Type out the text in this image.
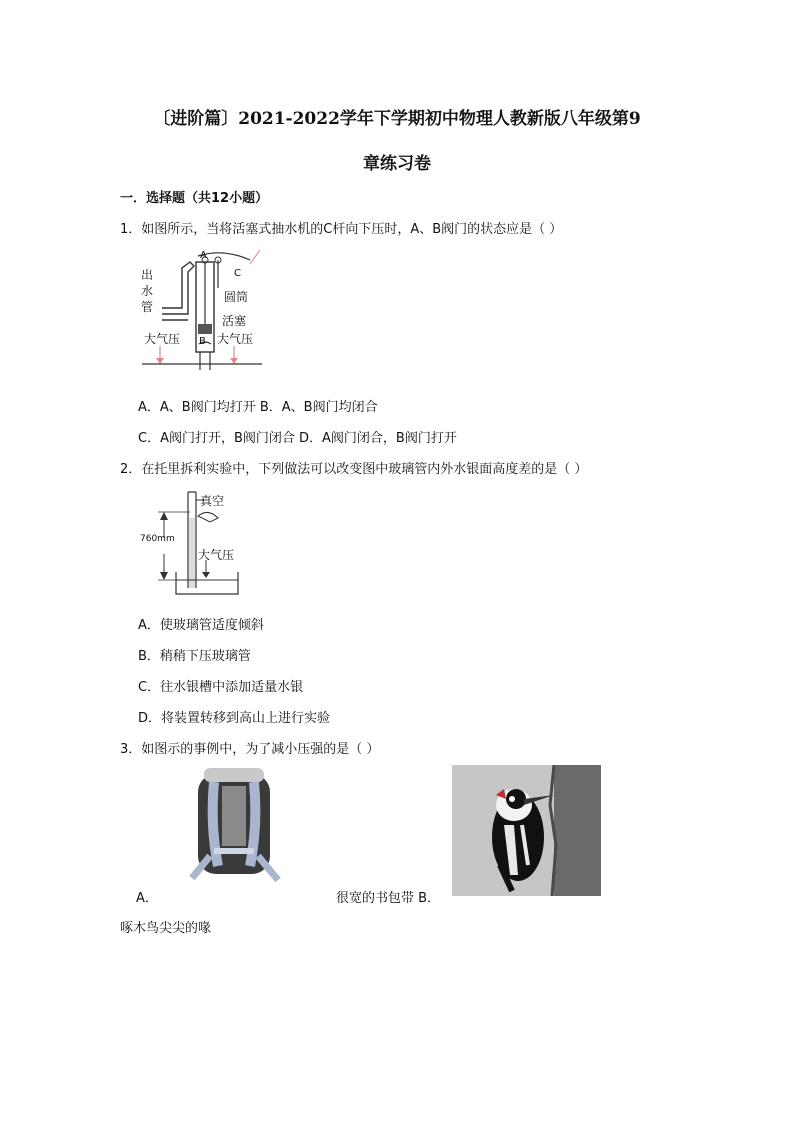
〔进阶篇〕2021-2022学年下学期初中物理人教新版八年级第9
章练习卷
一．选择题（共12小题）
1．如图所示，当将活塞式抽水机的C杆向下压时，A、B阀门的状态应是（ ）
出
水
管
圆筒
活塞
大气压	大气压
A
B
C
A．A、B阀门均打开 B．A、B阀门均闭合
C．A阀门打开，B阀门闭合 D．A阀门闭合，B阀门打开
2．在托里拆利实验中，下列做法可以改变图中玻璃管内外水银面高度差的是（ ）
真空
760mm
大气压
A．使玻璃管适度倾斜
B．稍稍下压玻璃管
C．往水银槽中添加适量水银
D．将装置转移到高山上进行实验
3．如图示的事例中，为了减小压强的是（ ）
A．	很宽的书包带 B．
啄木鸟尖尖的喙
